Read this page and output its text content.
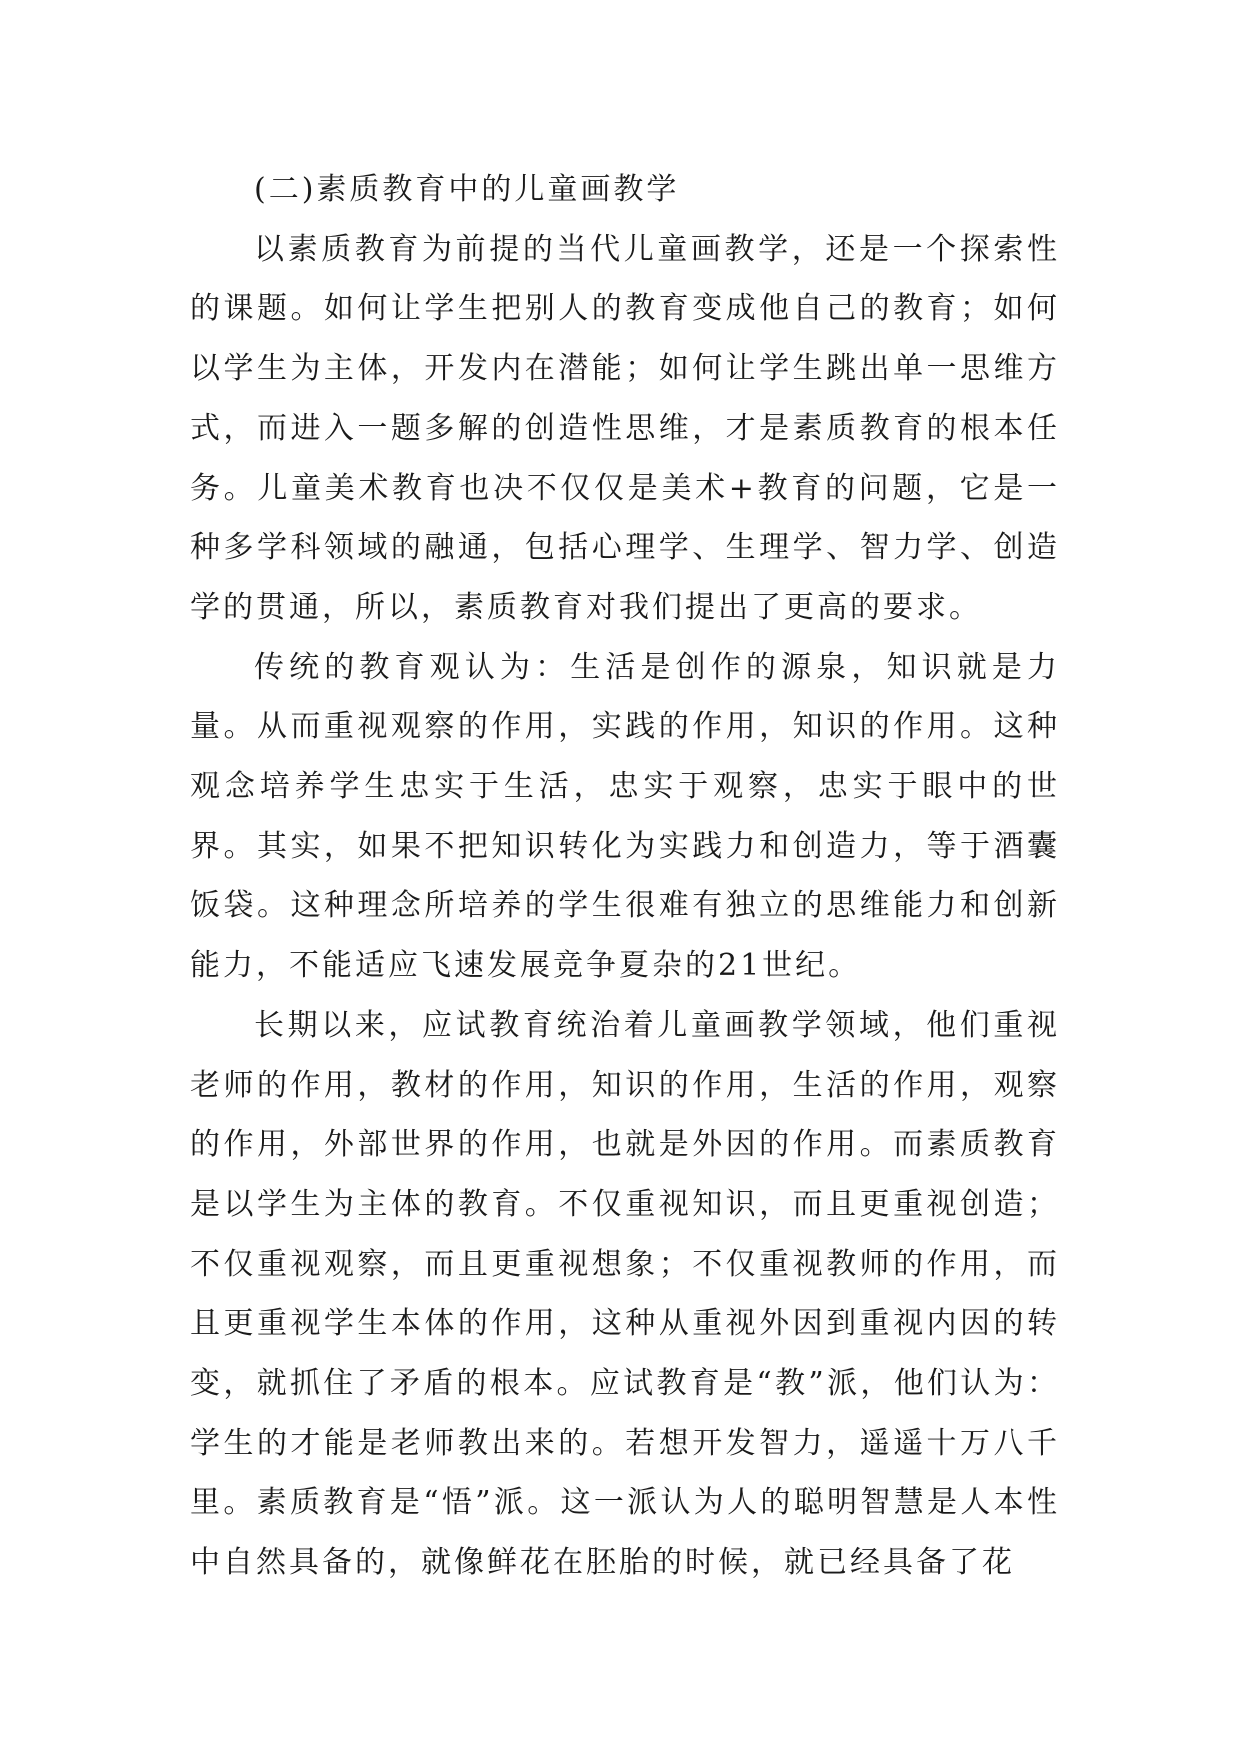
(二)素质教育中的儿童画教学

以素质教育为前提的当代儿童画教学，还是一个探索性的课题。如何让学生把别人的教育变成他自己的教育；如何以学生为主体，开发内在潜能；如何让学生跳出单一思维方式，而进入一题多解的创造性思维，才是素质教育的根本任务。儿童美术教育也决不仅仅是美术+教育的问题，它是一种多学科领域的融通，包括心理学、生理学、智力学、创造学的贯通，所以，素质教育对我们提出了更高的要求。

传统的教育观认为：生活是创作的源泉，知识就是力量。从而重视观察的作用，实践的作用，知识的作用。这种观念培养学生忠实于生活，忠实于观察，忠实于眼中的世界。其实，如果不把知识转化为实践力和创造力，等于酒囊饭袋。这种理念所培养的学生很难有独立的思维能力和创新能力，不能适应飞速发展竞争夏杂的21世纪。

长期以来，应试教育统治着儿童画教学领域，他们重视老师的作用，教材的作用，知识的作用，生活的作用，观察的作用，外部世界的作用，也就是外因的作用。而素质教育是以学生为主体的教育。不仅重视知识，而且更重视创造；不仅重视观察，而且更重视想象；不仅重视教师的作用，而且更重视学生本体的作用，这种从重视外因到重视内因的转变，就抓住了矛盾的根本。应试教育是“教”派，他们认为：学生的才能是老师教出来的。若想开发智力，遥遥十万八千里。素质教育是“悟”派。这一派认为人的聪明智慧是人本性中自然具备的，就像鲜花在胚胎的时候，就已经具备了花
